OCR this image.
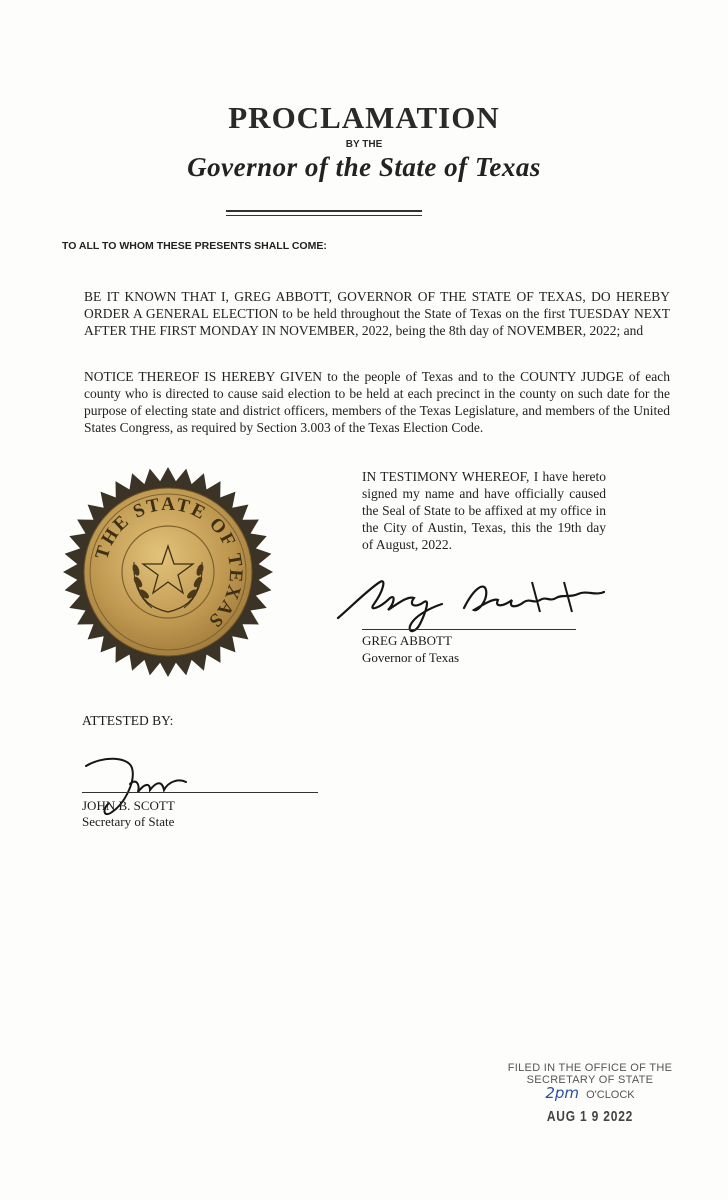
PROCLAMATION
BY THE
Governor of the State of Texas
TO ALL TO WHOM THESE PRESENTS SHALL COME:
BE IT KNOWN THAT I, GREG ABBOTT, GOVERNOR OF THE STATE OF TEXAS, DO HEREBY ORDER A GENERAL ELECTION to be held throughout the State of Texas on the first TUESDAY NEXT AFTER THE FIRST MONDAY IN NOVEMBER, 2022, being the 8th day of NOVEMBER, 2022; and
NOTICE THEREOF IS HEREBY GIVEN to the people of Texas and to the COUNTY JUDGE of each county who is directed to cause said election to be held at each precinct in the county on such date for the purpose of electing state and district officers, members of the Texas Legislature, and members of the United States Congress, as required by Section 3.003 of the Texas Election Code.
THE STATE OF TEXAS
IN TESTIMONY WHEREOF, I have hereto signed my name and have officially caused the Seal of State to be affixed at my office in the City of Austin, Texas, this the 19th day of August, 2022.
GREG ABBOTT
Governor of Texas
ATTESTED BY:
JOHN B. SCOTT
Secretary of State
FILED IN THE OFFICE OF THE
SECRETARY OF STATE
2pm O'CLOCK
AUG 1 9 2022
